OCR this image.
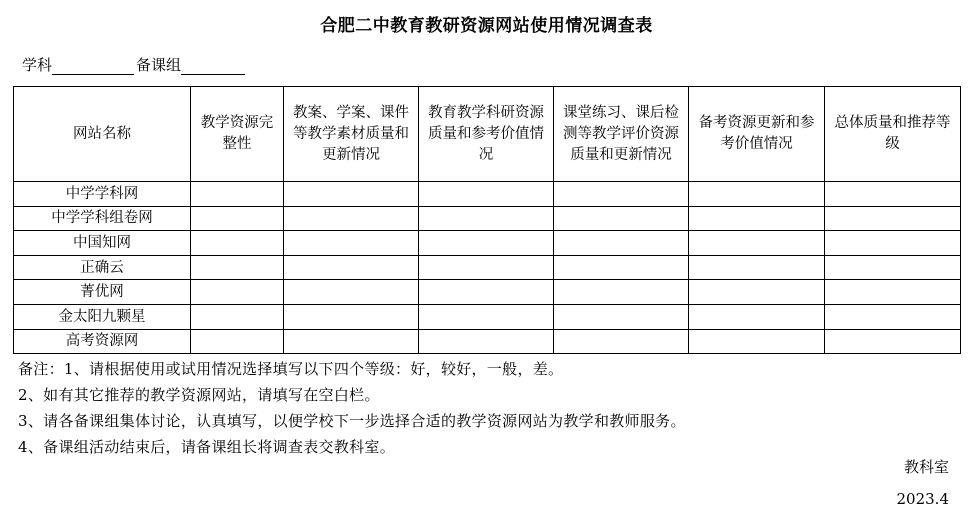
合肥二中教育教研资源网站使用情况调查表
学科	备课组
网站名称	教学资源完整性	教案、学案、课件等教学素材质量和更新情况	教育教学科研资源质量和参考价值情况	课堂练习、课后检测等教学评价资源质量和更新情况	备考资源更新和参考价值情况	总体质量和推荐等级
中学学科网						
中学学科组卷网						
中国知网						
正确云						
菁优网						
金太阳九颗星						
高考资源网						
备注：1、请根据使用或试用情况选择填写以下四个等级：好，较好，一般，差。
2、如有其它推荐的教学资源网站，请填写在空白栏。
3、请各备课组集体讨论，认真填写，以便学校下一步选择合适的教学资源网站为教学和教师服务。
4、备课组活动结束后，请备课组长将调查表交教科室。
教科室
2023.4
